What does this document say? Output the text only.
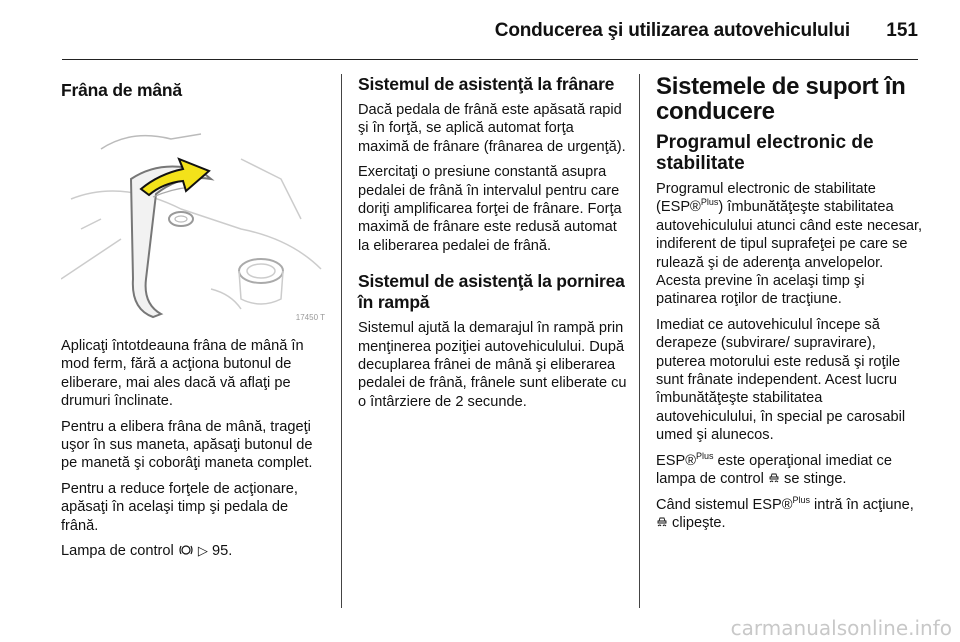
Conducerea şi utilizarea autovehiculului 151
Frâna de mână
17450 T

Aplicaţi întotdeauna frâna de mână în mod ferm, fără a acţiona butonul de eliberare, mai ales dacă vă aflaţi pe drumuri înclinate.

Pentru a elibera frâna de mână, trageţi uşor în sus maneta, apăsaţi butonul de pe manetă şi coborâţi maneta complet.

Pentru a reduce forţele de acţionare, apăsaţi în acelaşi timp şi pedala de frână.

Lampa de control ▷ 95.

Sistemul de asistenţă la frânare

Dacă pedala de frână este apăsată rapid şi în forţă, se aplică automat forţa maximă de frânare (frânarea de urgenţă).

Exercitaţi o presiune constantă asupra pedalei de frână în intervalul pentru care doriţi amplificarea forţei de frânare. Forţa maximă de frânare este redusă automat la eliberarea pedalei de frână.

Sistemul de asistenţă la pornirea în rampă

Sistemul ajută la demarajul în rampă prin menţinerea poziţiei autovehiculului. După decuplarea frânei de mână şi eliberarea pedalei de frână, frânele sunt eliberate cu o întârziere de 2 secunde.

Sistemele de suport în conducere
Programul electronic de stabilitate

Programul electronic de stabilitate (ESP®$^{Plus}$) îmbunătăţeşte stabilitatea autovehiculului atunci când este necesar, indiferent de tipul suprafeţei pe care se rulează şi de aderenţa anvelopelor. Acesta previne în acelaşi timp şi patinarea roţilor de tracţiune.

Imediat ce autovehiculul începe să derapeze (subvirare/ supravirare), puterea motorului este redusă şi roţile sunt frânate independent. Acest lucru îmbunătăţeşte stabilitatea autovehiculului, în special pe carosabil umed şi alunecos.

ESP®$^{Plus}$ este operaţional imediat ce lampa de control  se stinge.

Când sistemul ESP®$^{Plus}$ intră în acţiune,  clipeşte.

carmanualsonline.info
